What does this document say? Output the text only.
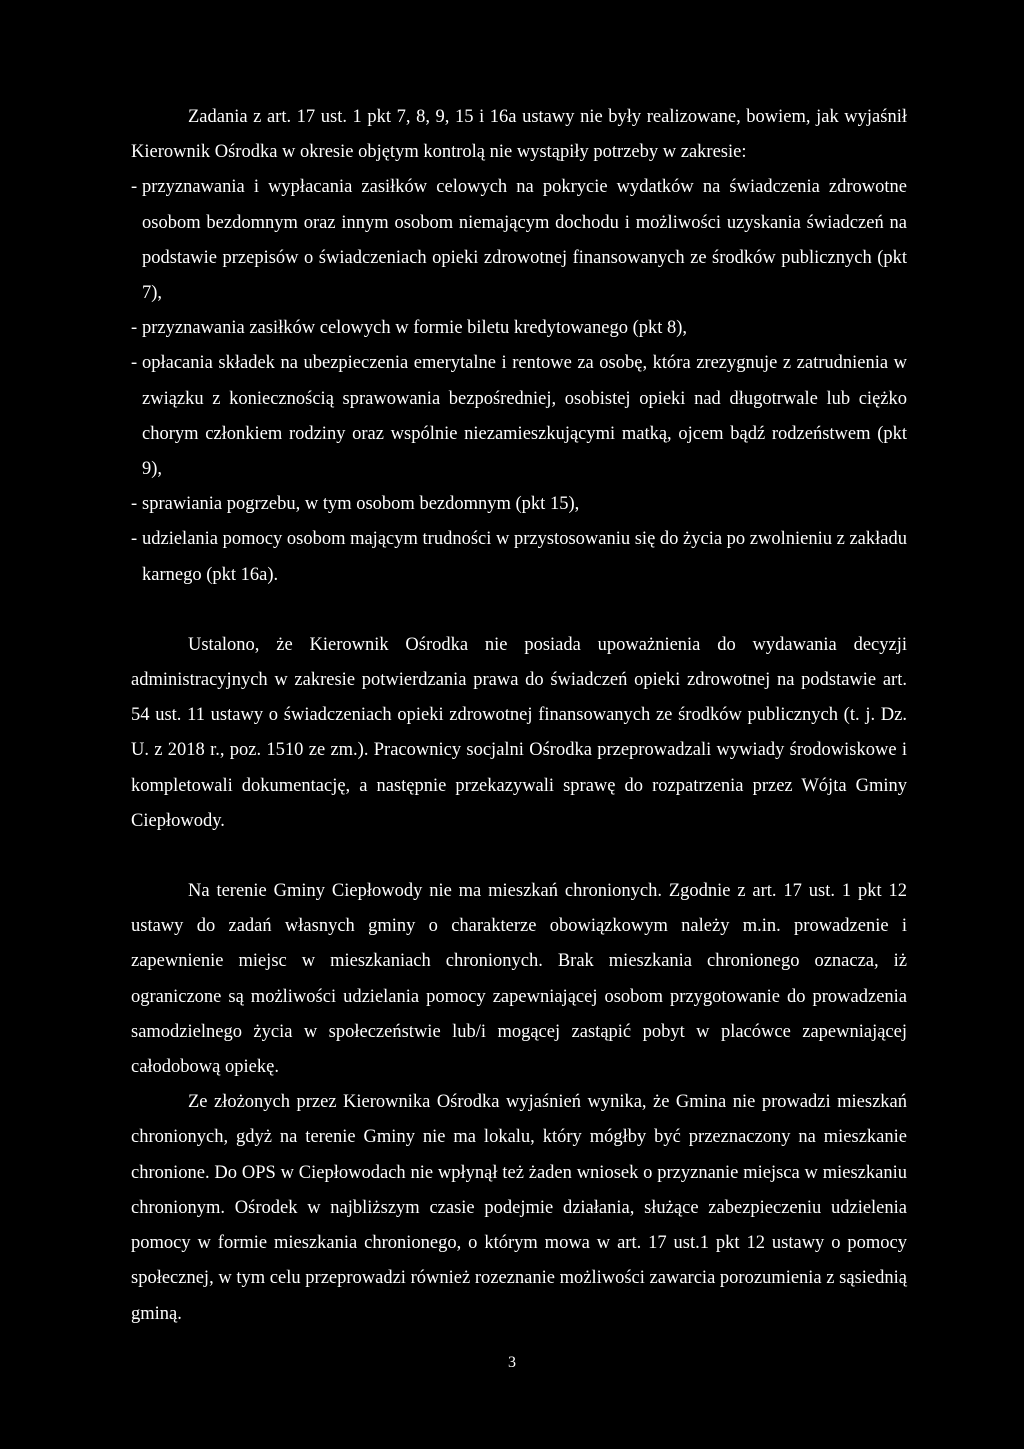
Zadania z art. 17 ust. 1 pkt 7, 8, 9, 15 i 16a ustawy nie były realizowane, bowiem, jak wyjaśnił Kierownik Ośrodka w okresie objętym kontrolą nie wystąpiły potrzeby w zakresie:

- przyznawania i wypłacania zasiłków celowych na pokrycie wydatków na świadczenia zdrowotne osobom bezdomnym oraz innym osobom niemającym dochodu i możliwości uzyskania świadczeń na podstawie przepisów o świadczeniach opieki zdrowotnej finansowanych ze środków publicznych (pkt 7),
- przyznawania zasiłków celowych w formie biletu kredytowanego (pkt 8),
- opłacania składek na ubezpieczenia emerytalne i rentowe za osobę, która zrezygnuje z zatrudnienia w związku z koniecznością sprawowania bezpośredniej, osobistej opieki nad długotrwale lub ciężko chorym członkiem rodziny oraz wspólnie niezamieszkującymi matką, ojcem bądź rodzeństwem (pkt 9),
- sprawiania pogrzebu, w tym osobom bezdomnym (pkt 15),
- udzielania pomocy osobom mającym trudności w przystosowaniu się do życia po zwolnieniu z zakładu karnego (pkt 16a).

Ustalono, że Kierownik Ośrodka nie posiada upoważnienia do wydawania decyzji administracyjnych w zakresie potwierdzania prawa do świadczeń opieki zdrowotnej na podstawie art. 54 ust. 11 ustawy o świadczeniach opieki zdrowotnej finansowanych ze środków publicznych (t. j. Dz. U. z 2018 r., poz. 1510 ze zm.). Pracownicy socjalni Ośrodka przeprowadzali wywiady środowiskowe i kompletowali dokumentację, a następnie przekazywali sprawę do rozpatrzenia przez Wójta Gminy Ciepłowody.

Na terenie Gminy Ciepłowody nie ma mieszkań chronionych. Zgodnie z art. 17 ust. 1 pkt 12 ustawy do zadań własnych gminy o charakterze obowiązkowym należy m.in. prowadzenie i zapewnienie miejsc w mieszkaniach chronionych. Brak mieszkania chronionego oznacza, iż ograniczone są możliwości udzielania pomocy zapewniającej osobom przygotowanie do prowadzenia samodzielnego życia w społeczeństwie lub/i mogącej zastąpić pobyt w placówce zapewniającej całodobową opiekę.

Ze złożonych przez Kierownika Ośrodka wyjaśnień wynika, że Gmina nie prowadzi mieszkań chronionych, gdyż na terenie Gminy nie ma lokalu, który mógłby być przeznaczony na mieszkanie chronione. Do OPS w Ciepłowodach nie wpłynął też żaden wniosek o przyznanie miejsca w mieszkaniu chronionym. Ośrodek w najbliższym czasie podejmie działania, służące zabezpieczeniu udzielenia pomocy w formie mieszkania chronionego, o którym mowa w art. 17 ust.1 pkt 12 ustawy o pomocy społecznej, w tym celu przeprowadzi również rozeznanie możliwości zawarcia porozumienia z sąsiednią gminą.

3
